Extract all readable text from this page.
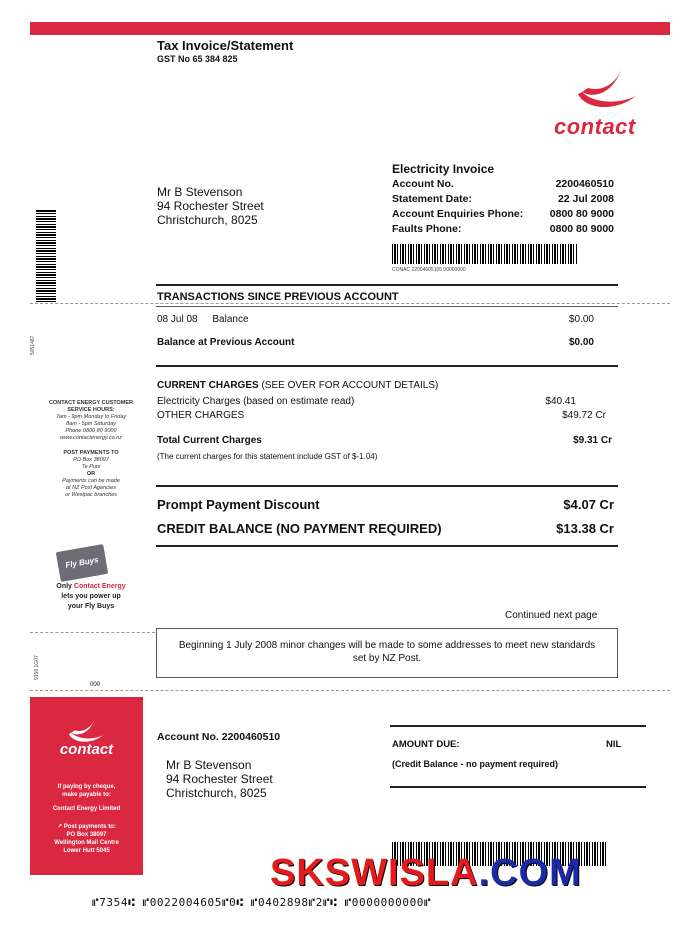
Tax Invoice/Statement
GST No 65 384 825
contact
Mr B Stevenson
94 Rochester Street
Christchurch, 8025
Electricity Invoice
Account No.	2200460510
Statement Date:	22 Jul 2008
Account Enquiries Phone:	0800 80 9000
Faults Phone:	0800 80 9000
CONAC 22004605105 00000000
5051487
TRANSACTIONS SINCE PREVIOUS ACCOUNT
08 Jul 08 Balance	$0.00
Balance at Previous Account	$0.00
CURRENT CHARGES (SEE OVER FOR ACCOUNT DETAILS)
Electricity Charges (based on estimate read)	$40.41
OTHER CHARGES	$49.72 Cr
Total Current Charges	$9.31 Cr
(The current charges for this statement include GST of $-1.04)
Prompt Payment Discount	$4.07 Cr
CREDIT BALANCE (NO PAYMENT REQUIRED)	$13.38 Cr
CONTACT ENERGY CUSTOMER SERVICE HOURS:
7am - 9pm Monday to Friday
8am - 5pm Saturday
Phone 0800 80 9000
www.contactenergy.co.nz
POST PAYMENTS TO
PO Box 38097
Te Puni
OR
Payments can be made
at NZ Post Agencies
or Westpac branches
Fly Buys
Only Contact Energy
lets you power up
your Fly Buys
Continued next page
Beginning 1 July 2008 minor changes will be made to some addresses to meet new standards set by NZ Post.
9158 1G07
000
contact
If paying by cheque,
make payable to:
Contact Energy Limited
↗ Post payments to:
PO Box 38097
Wellington Mail Centre
Lower Hutt 5045
Account No. 2200460510
Mr B Stevenson
94 Rochester Street
Christchurch, 8025
AMOUNT DUE:	NIL
(Credit Balance - no payment required)
⑈7354⑆ ⑈0022004605⑈0⑆ ⑈0402898⑈2⑈⑆ ⑈0000000000⑈
SKSWISLA.COM
